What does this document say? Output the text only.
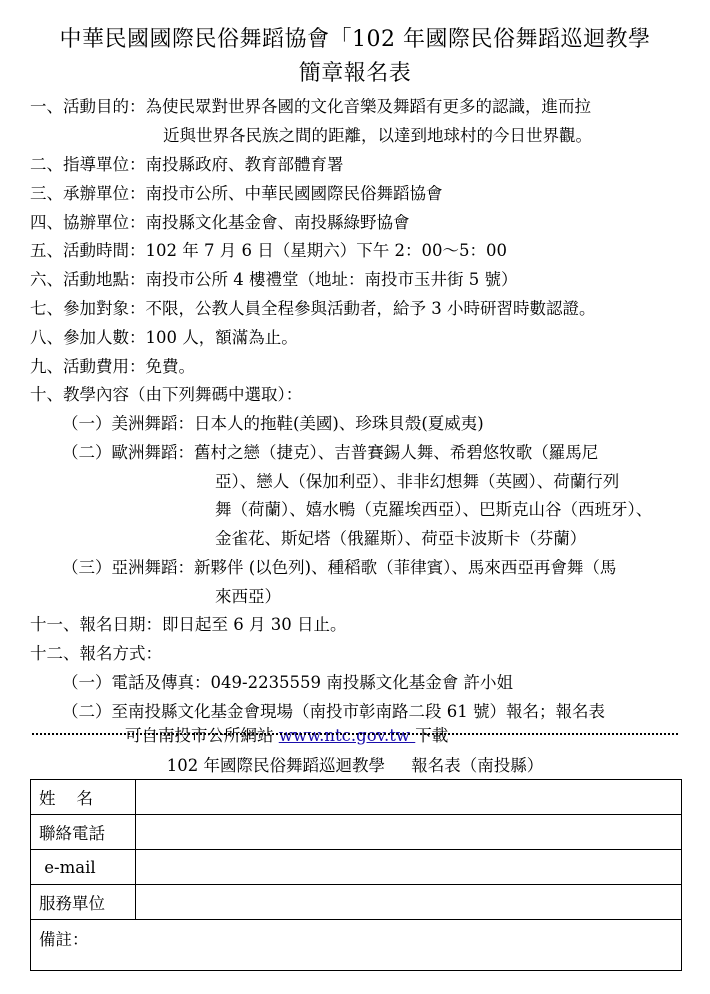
中華民國國際民俗舞蹈協會「102 年國際民俗舞蹈巡迴教學
簡章報名表
一、活動目的：為使民眾對世界各國的文化音樂及舞蹈有更多的認識，進而拉
近與世界各民族之間的距離，以達到地球村的今日世界觀。
二、指導單位：南投縣政府、教育部體育署
三、承辦單位：南投市公所、中華民國國際民俗舞蹈協會
四、協辦單位：南投縣文化基金會、南投縣綠野協會
五、活動時間：102 年 7 月 6 日（星期六）下午 2：00～5：00
六、活動地點：南投市公所 4 樓禮堂（地址：南投市玉井街 5 號）
七、參加對象：不限，公教人員全程參與活動者，給予 3 小時研習時數認證。
八、參加人數：100 人，額滿為止。
九、活動費用：免費。
十、教學內容（由下列舞碼中選取）：
（一）美洲舞蹈：日本人的拖鞋(美國)、珍珠貝殼(夏威夷)
（二）歐洲舞蹈：舊村之戀（捷克）、吉普賽錫人舞、希碧悠牧歌（羅馬尼
亞）、戀人（保加利亞）、非非幻想舞（英國）、荷蘭行列
舞（荷蘭）、嬉水鴨（克羅埃西亞）、巴斯克山谷（西班牙）、
金雀花、斯妃塔（俄羅斯）、荷亞卡波斯卡（芬蘭）
（三）亞洲舞蹈：新夥伴 (以色列)、種稻歌（菲律賓）、馬來西亞再會舞（馬
來西亞）
十一、報名日期：即日起至 6 月 30 日止。
十二、報名方式：
（一）電話及傳真：049-2235559 南投縣文化基金會 許小姐
（二）至南投縣文化基金會現場（南投市彰南路二段 61 號）報名；報名表
可自南投市公所網站 www.ntc.gov.tw 下載
102 年國際民俗舞蹈巡迴教學     報名表（南投縣）
姓    名	
聯絡電話	
e-mail	
服務單位	
備註：	
